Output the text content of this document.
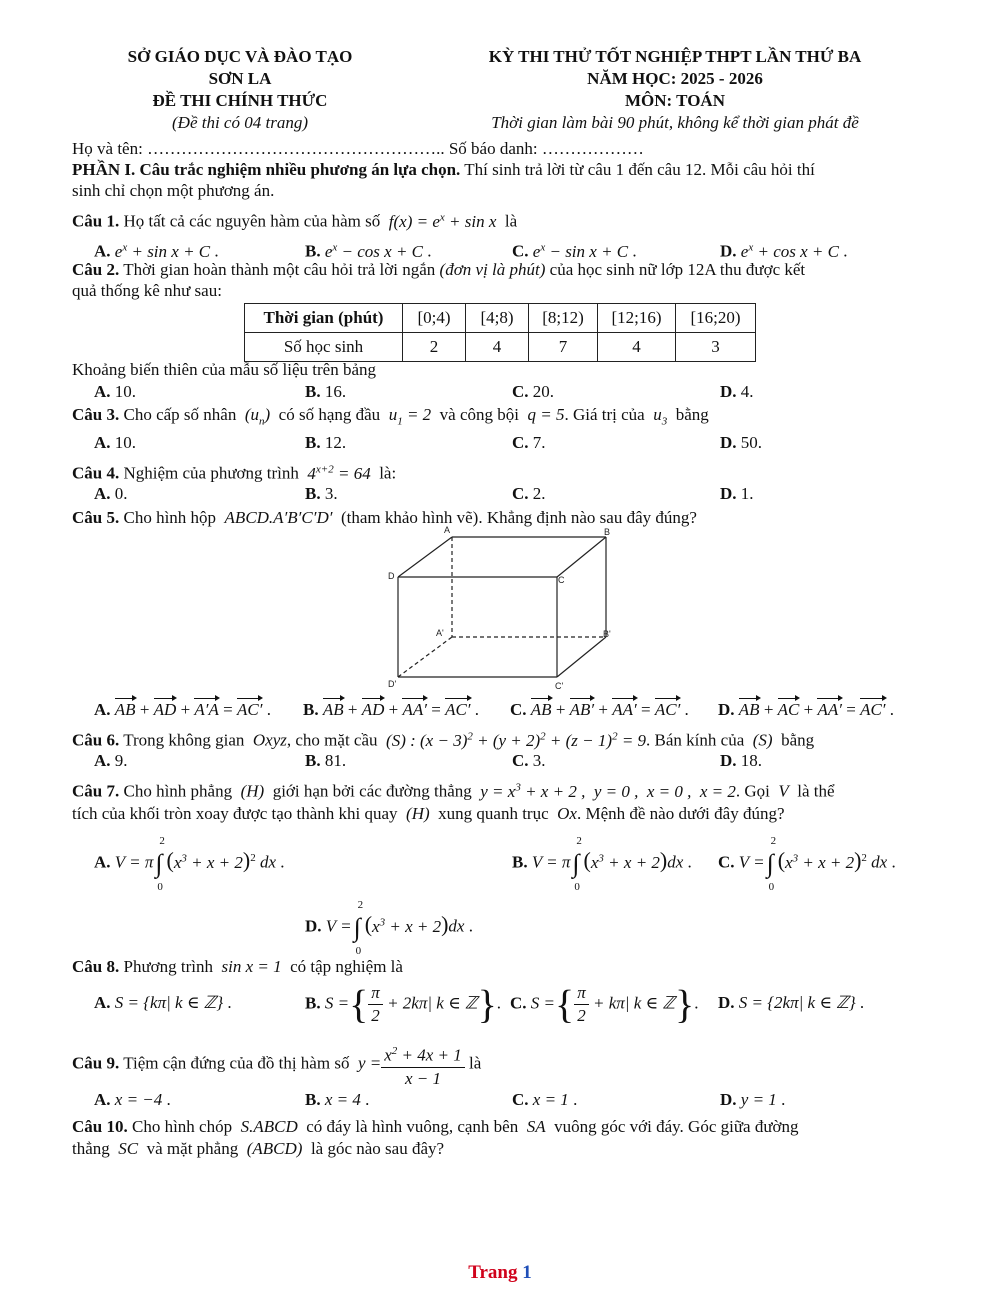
SỞ GIÁO DỤC VÀ ĐÀO TẠO
SƠN LA
ĐỀ THI CHÍNH THỨC
(Đề thi có 04 trang)
KỲ THI THỬ TỐT NGHIỆP THPT LẦN THỨ BA
NĂM HỌC: 2025 - 2026
MÔN: TOÁN
Thời gian làm bài 90 phút, không kể thời gian phát đề
Họ và tên: …………………………………………….. Số báo danh: ………………
PHẦN I. Câu trắc nghiệm nhiều phương án lựa chọn. Thí sinh trả lời từ câu 1 đến câu 12. Mỗi câu hỏi thí
sinh chỉ chọn một phương án.
Câu 1. Họ tất cả các nguyên hàm của hàm số  $f(x) = e^x + \sin x$  là
A. $e^x + \sin x + C$ .	B. $e^x - \cos x + C$ .	C. $e^x - \sin x + C$ .	D. $e^x + \cos x + C$ .
Câu 2. Thời gian hoàn thành một câu hỏi trả lời ngắn (đơn vị là phút) của học sinh nữ lớp 12A thu được kết
quả thống kê như sau:
Thời gian (phút)	[0;4)	[4;8)	[8;12)	[12;16)	[16;20)
Số học sinh	2	4	7	4	3
Khoảng biến thiên của mẫu số liệu trên bảng
A. 10.	B. 16.	C. 20.	D. 4.
Câu 3. Cho cấp số nhân  $(u_n)$  có số hạng đầu  $u_1 = 2$  và công bội  q = 5. Giá trị của  $u_3$ bằng
A. 10.	B. 12.	C. 7.	D. 50.
Câu 4. Nghiệm của phương trình  $4^{x+2} = 64$  là:
A. 0.	B. 3.	C. 2.	D. 1.
Câu 5. Cho hình hộp  ABCD.A′B′C′D′  (tham khảo hình vẽ). Khẳng định nào sau đây đúng?
A	B
C
D
A'	B'
C'
D'
A. AB + AD + A′A = AC′ . B. AB + AD + AA′ = AC′ . C. AB + AB′ + AA′ = AC′ . D. AB + AC + AA′ = AC′ .
Câu 6. Trong không gian  Oxyz, cho mặt cầu  (S) : $(x - 3)^2 + (y + 2)^2 + (z - 1)^2 = 9$. Bán kính của  (S)  bằng
A. 9.	B. 81.	C. 3.	D. 18.
Câu 7. Cho hình phẳng  (H)  giới hạn bởi các đường thẳng  $y = x^3 + x + 2$ ,  y = 0 ,  x = 0 ,  x = 2. Gọi  V  là thể
tích của khối tròn xoay được tạo thành khi quay  (H)  xung quanh trục  Ox. Mệnh đề nào dưới đây đúng?
A. V = π∫
2
0
$(x^3 + x + 2)^2$ dx .	B. V = π∫
2
0
$(x^3 + x + 2)dx$ . C. V =∫
2
0
$(x^3 + x + 2)^2$ dx .
D. V =∫
2
0
$(x^3 + x + 2)dx$ .
Câu 8. Phương trình  sin x = 1  có tập nghiệm là
A. S = {kπ| k ∈ ℤ} .	B. S ={ $\frac{\pi}{2} + 2k\pi|$ k ∈ ℤ}. C. S ={ $\frac{\pi}{2} + k\pi|$ k ∈ ℤ}. D. S = {2kπ| k ∈ ℤ} .
Câu 9. Tiệm cận đứng của đồ thị hàm số  $y = \frac{x^2 + 4x + 1}{x - 1}$ là
A. x = −4 .	B. x = 4 .	C. x = 1 .	D. y = 1 .
Câu 10. Cho hình chóp  S.ABCD  có đáy là hình vuông, cạnh bên  SA  vuông góc với đáy. Góc giữa đường
thẳng  SC  và mặt phẳng  (ABCD)  là góc nào sau đây?
Trang 1
